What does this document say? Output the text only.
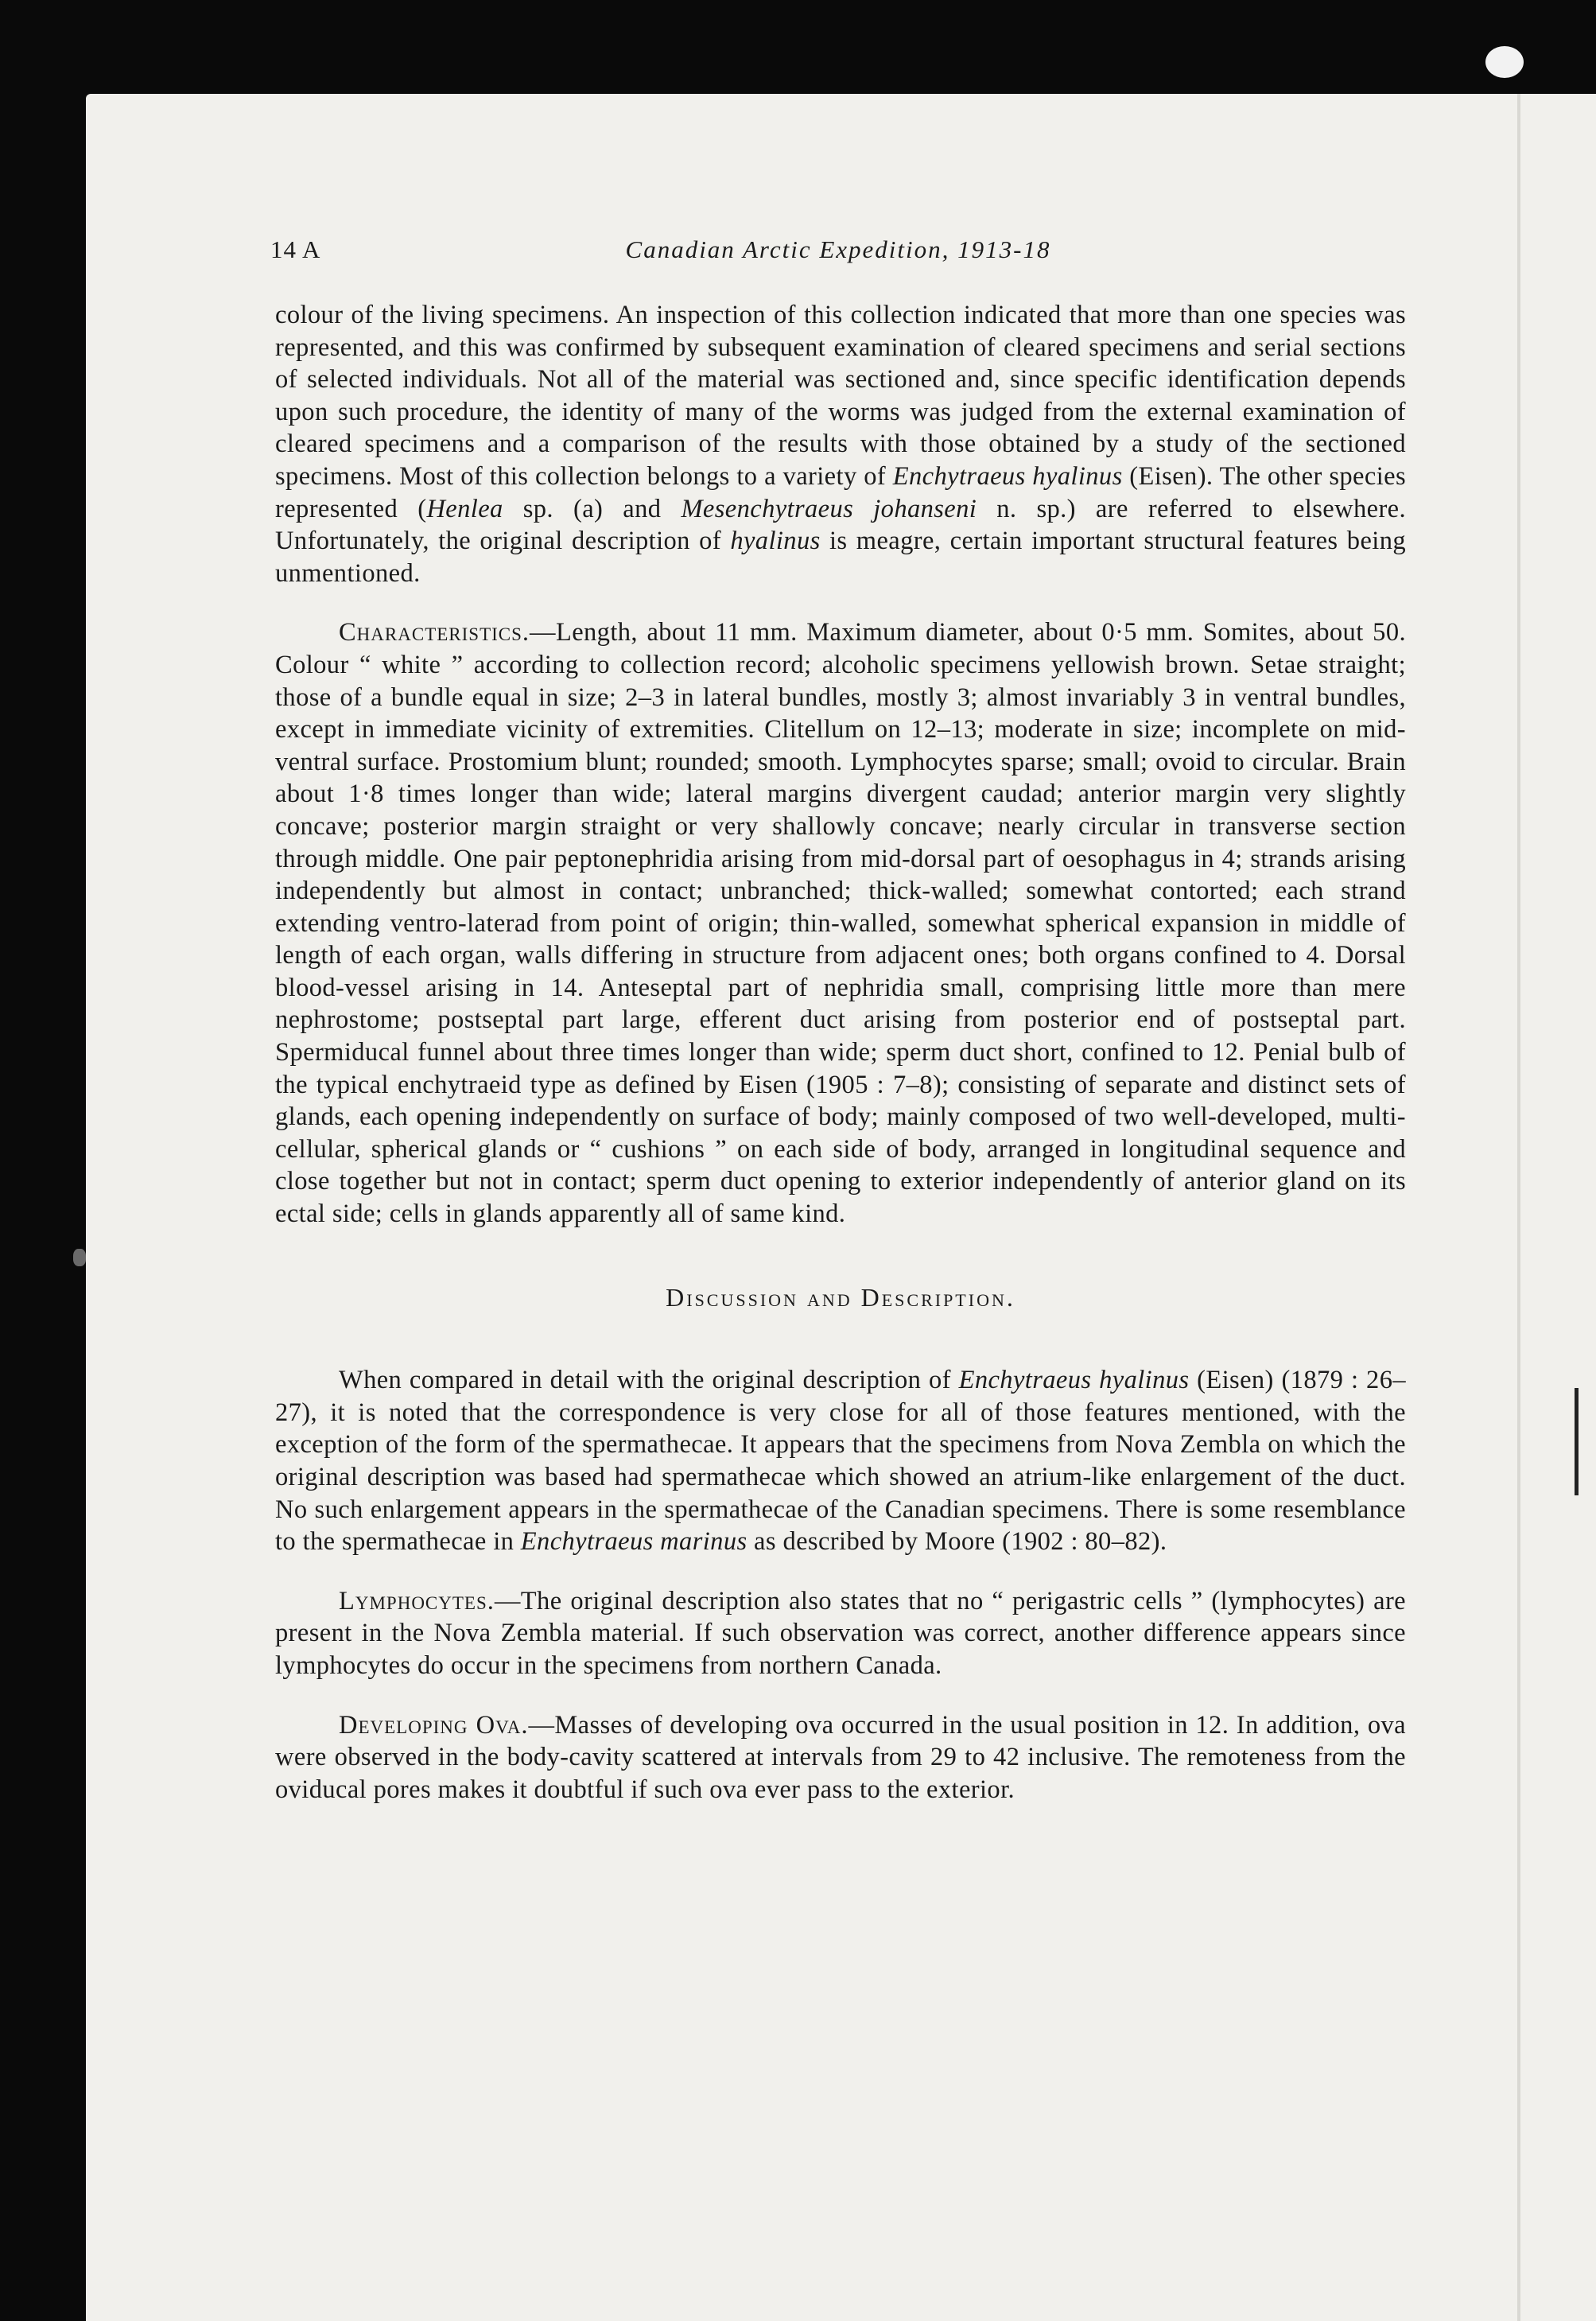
14 A	Canadian Arctic Expedition, 1913-18

colour of the living specimens. An inspection of this collection indicated that more than one species was represented, and this was confirmed by subsequent examination of cleared specimens and serial sections of selected individuals. Not all of the material was sectioned and, since specific identification depends upon such procedure, the identity of many of the worms was judged from the external examination of cleared specimens and a comparison of the results with those obtained by a study of the sectioned specimens. Most of this collection belongs to a variety of Enchytraeus hyalinus (Eisen). The other species represented (Henlea sp. (a) and Mesenchytraeus johanseni n. sp.) are referred to elsewhere. Unfortunately, the original description of hyalinus is meagre, certain important structural features being unmentioned.

Characteristics.—Length, about 11 mm. Maximum diameter, about 0·5 mm. Somites, about 50. Colour “ white ” according to collection record; alcoholic specimens yellowish brown. Setae straight; those of a bundle equal in size; 2–3 in lateral bundles, mostly 3; almost invariably 3 in ventral bundles, except in immediate vicinity of extremities. Clitellum on 12–13; moderate in size; incomplete on mid-ventral surface. Prostomium blunt; rounded; smooth. Lymphocytes sparse; small; ovoid to circular. Brain about 1·8 times longer than wide; lateral margins divergent caudad; anterior margin very slightly concave; posterior margin straight or very shallowly concave; nearly circular in transverse section through middle. One pair peptonephridia arising from mid-dorsal part of oesophagus in 4; strands arising independently but almost in contact; unbranched; thick-walled; somewhat contorted; each strand extending ventro-laterad from point of origin; thin-walled, somewhat spherical expansion in middle of length of each organ, walls differing in structure from adjacent ones; both organs confined to 4. Dorsal blood-vessel arising in 14. Anteseptal part of nephridia small, comprising little more than mere nephrostome; postseptal part large, efferent duct arising from posterior end of postseptal part. Spermiducal funnel about three times longer than wide; sperm duct short, confined to 12. Penial bulb of the typical enchytraeid type as defined by Eisen (1905 : 7–8); consisting of separate and distinct sets of glands, each opening independently on surface of body; mainly composed of two well-developed, multi-cellular, spherical glands or “ cushions ” on each side of body, arranged in longitudinal sequence and close together but not in contact; sperm duct opening to exterior independently of anterior gland on its ectal side; cells in glands apparently all of same kind.

Discussion and Description.

When compared in detail with the original description of Enchytraeus hyalinus (Eisen) (1879 : 26–27), it is noted that the correspondence is very close for all of those features mentioned, with the exception of the form of the spermathecae. It appears that the specimens from Nova Zembla on which the original description was based had spermathecae which showed an atrium-like enlargement of the duct. No such enlargement appears in the spermathecae of the Canadian specimens. There is some resemblance to the spermathecae in Enchytraeus marinus as described by Moore (1902 : 80–82).

Lymphocytes.—The original description also states that no “ perigastric cells ” (lymphocytes) are present in the Nova Zembla material. If such observation was correct, another difference appears since lymphocytes do occur in the specimens from northern Canada.

Developing Ova.—Masses of developing ova occurred in the usual position in 12. In addition, ova were observed in the body-cavity scattered at intervals from 29 to 42 inclusive. The remoteness from the oviducal pores makes it doubtful if such ova ever pass to the exterior.
